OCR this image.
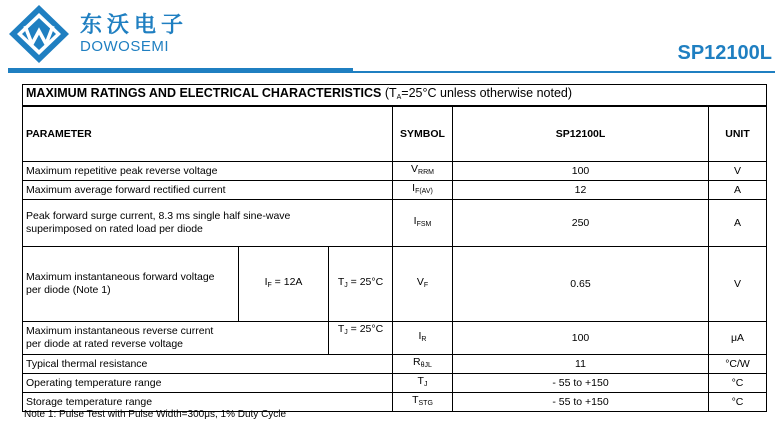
东沃电子
DOWOSEMI	SP12100L
MAXIMUM RATINGS AND ELECTRICAL CHARACTERISTICS ($T_A=25^\circ C$ unless otherwise noted)					
PARAMETER			SYMBOL	SP12100L	UNIT
Maximum repetitive peak reverse voltage			$V_{RRM}$	100	V
Maximum average forward rectified current			$I_{F(AV)}$	12	A
Peak forward surge current, 8.3 ms single half sine-wave
superimposed on rated load per diode			$I_{FSM}$	250	A
Maximum instantaneous forward voltage
per diode (Note 1)	$I_F = 12A$	$T_J = 25^\circ C$	$V_F$	0.65	V
Maximum instantaneous reverse current
per diode at rated reverse voltage		$T_J = 25^\circ C$	$I_R$	100	μA
Typical thermal resistance			$R_{\theta JL}$	11	°C/W
Operating temperature range			$T_J$	- 55 to +150	°C
Storage temperature range			$T_{STG}$	- 55 to +150	°C
Note 1: Pulse Test with Pulse Width=300μs, 1% Duty Cycle
